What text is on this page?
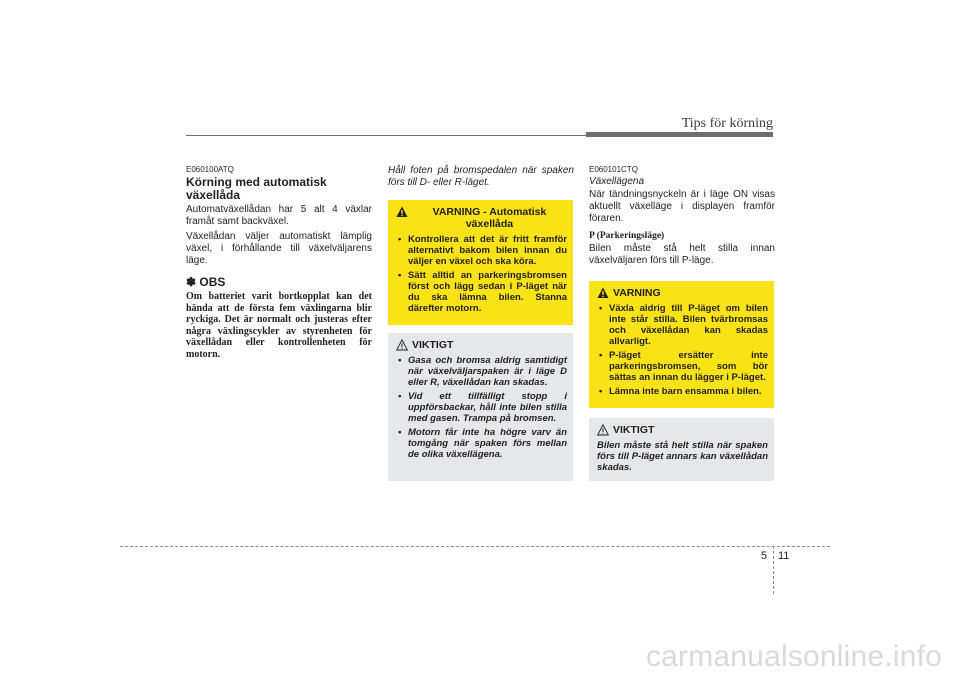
Tips för körning
E060100ATQ
Körning med automatisk växellåda

Automatväxellådan har 5 alt 4 växlar framåt samt backväxel.

Växellådan väljer automatiskt lämplig växel, i förhållande till växelväljarens läge.

✽ OBS
Om batteriet varit bortkopplat kan det hända att de första fem växlingarna blir ryckiga. Det är normalt och justeras efter några växlingscykler av styrenheten för växellådan eller kontrollenheten för motorn.

Håll foten på bromspedalen när spaken förs till D- eller R-läget.

VARNING - Automatisk växellåda
• Kontrollera att det är fritt framför alternativt bakom bilen innan du väljer en växel och ska köra.
• Sätt alltid an parkeringsbromsen först och lägg sedan i P-läget när du ska lämna bilen. Stanna därefter motorn.
VIKTIGT
• Gasa och bromsa aldrig samtidigt när växelväljarspaken är i läge D eller R, växellådan kan skadas.
• Vid ett tillfälligt stopp i uppförsbackar, håll inte bilen stilla med gasen. Trampa på bromsen.
• Motorn får inte ha högre varv än tomgång när spaken förs mellan de olika växellägena.
E060101CTQ
Växellägena

När tändningsnyckeln är i läge ON visas aktuellt växelläge i displayen framför föraren.

P (Parkeringsläge)

Bilen måste stå helt stilla innan växelväljaren förs till P-läge.

VARNING
• Växla aldrig till P-läget om bilen inte står stilla. Bilen tvärbromsas och växellådan kan skadas allvarligt.
• P-läget ersätter inte parkeringsbromsen, som bör sättas an innan du lägger i P-läget.
• Lämna inte barn ensamma i bilen.
VIKTIGT
Bilen måste stå helt stilla när spaken förs till P-läget annars kan växellådan skadas.
5 11
carmanualsonline.info
